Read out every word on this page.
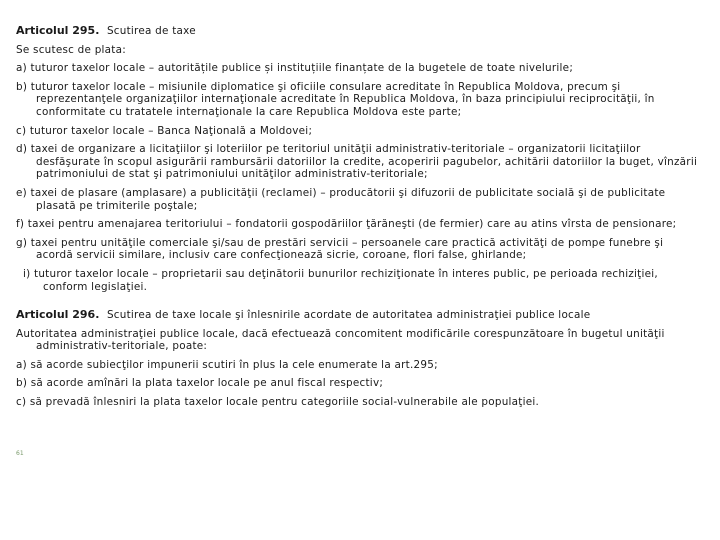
Articolul 295. Scutirea de taxe
Se scutesc de plata:
a) tuturor taxelor locale – autoritățile publice și instituțiile finanțate de la bugetele de toate nivelurile;
b) tuturor taxelor locale – misiunile diplomatice şi oficiile consulare acreditate în Republica Moldova, precum şi reprezentanţele organizaţiilor internaţionale acreditate în Republica Moldova, în baza principiului reciprocităţii, în conformitate cu tratatele internaţionale la care Republica Moldova este parte;
c) tuturor taxelor locale – Banca Naţională a Moldovei;
d) taxei de organizare a licitaţiilor şi loteriilor pe teritoriul unităţii administrativ-teritoriale – organizatorii licitaţiilor desfăşurate în scopul asigurării rambursării datoriilor la credite, acoperirii pagubelor, achitării datoriilor la buget, vînzării patrimoniului de stat şi patrimoniului unităţilor administrativ-teritoriale;
e) taxei de plasare (amplasare) a publicităţii (reclamei) – producătorii şi difuzorii de publicitate socială şi de publicitate plasată pe trimiterile poştale;
f) taxei pentru amenajarea teritoriului – fondatorii gospodăriilor ţărăneşti (de fermier) care au atins vîrsta de pensionare;
g) taxei pentru unităţile comerciale şi/sau de prestări servicii – persoanele care practică activităţi de pompe funebre şi acordă servicii similare, inclusiv care confecţionează sicrie, coroane, flori false, ghirlande;
i) tuturor taxelor locale – proprietarii sau deţinătorii bunurilor rechiziţionate în interes public, pe perioada rechiziţiei, conform legislaţiei.
Articolul 296. Scutirea de taxe locale şi înlesnirile acordate de autoritatea administraţiei publice locale
Autoritatea administraţiei publice locale, dacă efectuează concomitent modificările corespunzătoare în bugetul unităţii administrativ-teritoriale, poate:
a) să acorde subiecţilor impunerii scutiri în plus la cele enumerate la art.295;
b) să acorde amînări la plata taxelor locale pe anul fiscal respectiv;
c) să prevadă înlesniri la plata taxelor locale pentru categoriile social-vulnerabile ale populaţiei.
61
